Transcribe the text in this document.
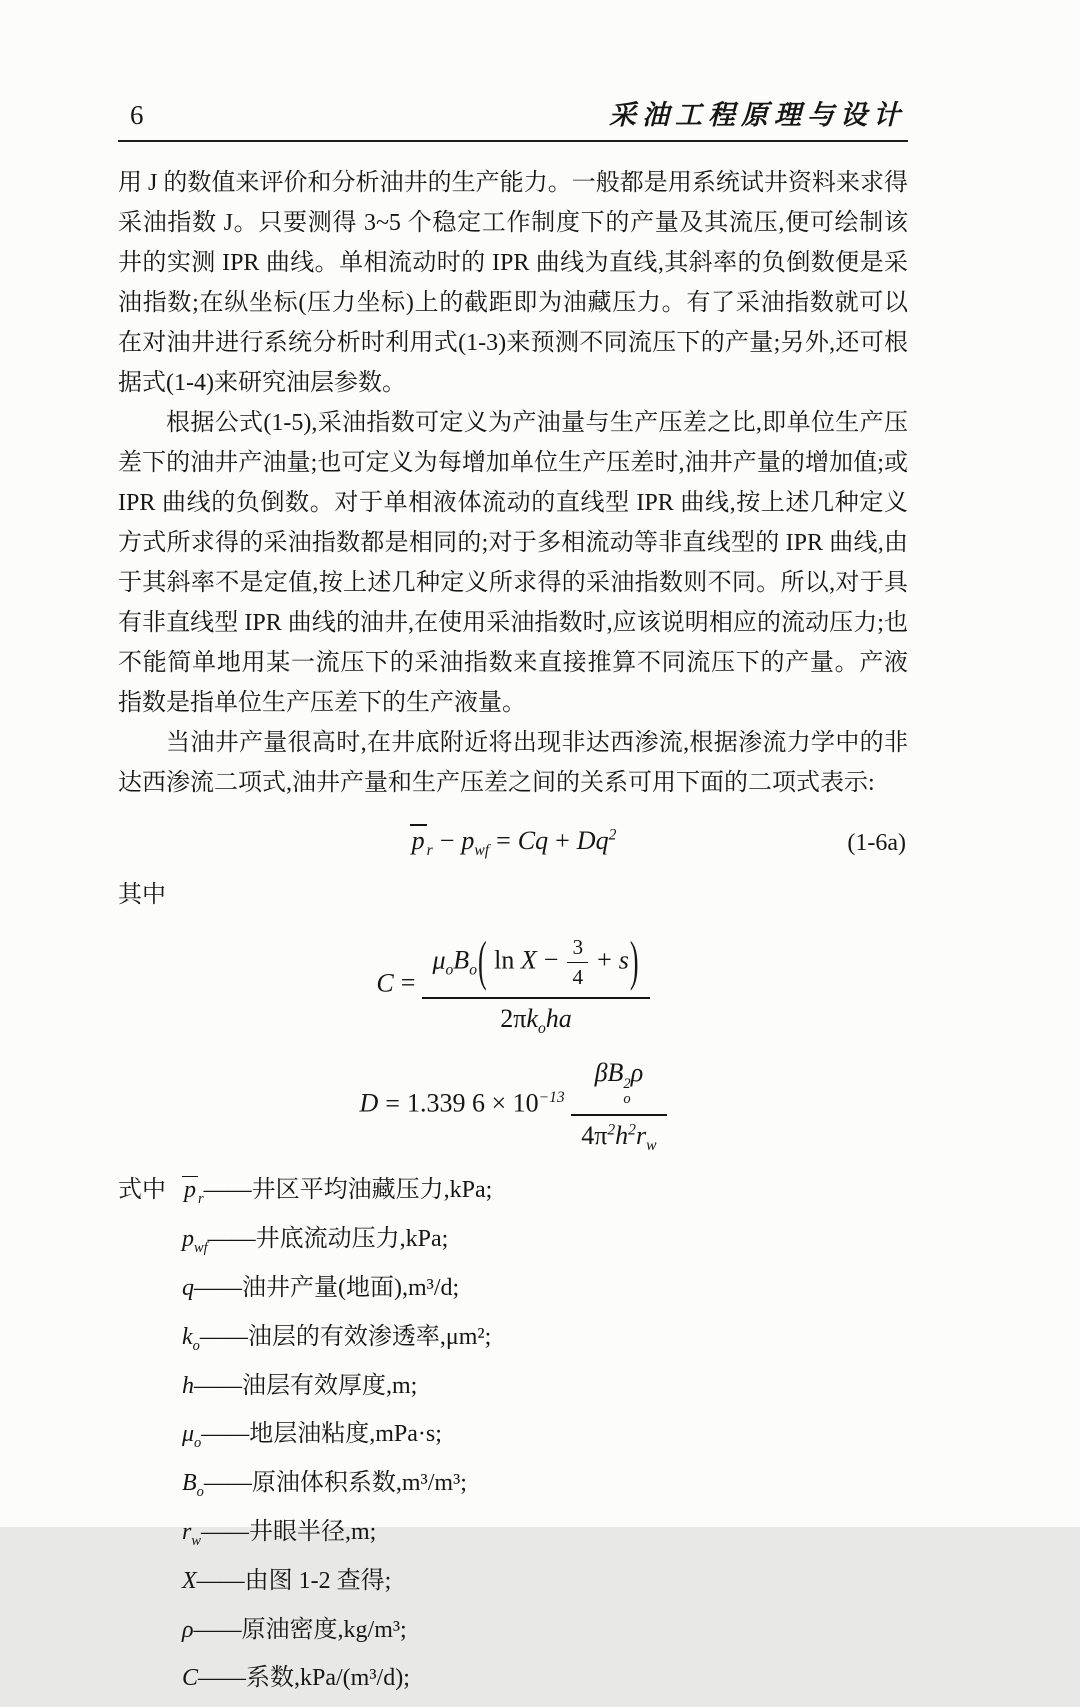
6	采油工程原理与设计

用 J 的数值来评价和分析油井的生产能力。一般都是用系统试井资料来求得采油指数 J。只要测得 3~5 个稳定工作制度下的产量及其流压,便可绘制该井的实测 IPR 曲线。单相流动时的 IPR 曲线为直线,其斜率的负倒数便是采油指数;在纵坐标(压力坐标)上的截距即为油藏压力。有了采油指数就可以在对油井进行系统分析时利用式(1-3)来预测不同流压下的产量;另外,还可根据式(1-4)来研究油层参数。

根据公式(1-5),采油指数可定义为产油量与生产压差之比,即单位生产压差下的油井产油量;也可定义为每增加单位生产压差时,油井产量的增加值;或 IPR 曲线的负倒数。对于单相液体流动的直线型 IPR 曲线,按上述几种定义方式所求得的采油指数都是相同的;对于多相流动等非直线型的 IPR 曲线,由于其斜率不是定值,按上述几种定义所求得的采油指数则不同。所以,对于具有非直线型 IPR 曲线的油井,在使用采油指数时,应该说明相应的流动压力;也不能简单地用某一流压下的采油指数来直接推算不同流压下的产量。产液指数是指单位生产压差下的生产液量。

当油井产量很高时,在井底附近将出现非达西渗流,根据渗流力学中的非达西渗流二项式,油井产量和生产压差之间的关系可用下面的二项式表示:

p $_r - p_{wf} = Cq + Dq^2$	(1-6a)

其中

$C = \frac{\mu_oB_o( \ln X - \frac{3}{4} + s)}{2\pi k_oha}$
D = 1.339 $6 \times 10^{-13}$ βB 2
o
ρ
$4\pi^2h^2r_w$
式中 p $_r$——井区平均油藏压力,kPa;
$p_{wf}——$井底流动压力,kPa;
q——油井产量(地面),m³/d;
$k_o——$油层的有效渗透率,μm²;
h——油层有效厚度,m;
$\mu_o——$地层油粘度,mPa·s;
$B_o——$原油体积系数,m³/m³;
$r_w——$井眼半径,m;
X——由图 1-2 查得;
ρ——原油密度,kg/m³;
C——系数,kPa/(m³/d);
